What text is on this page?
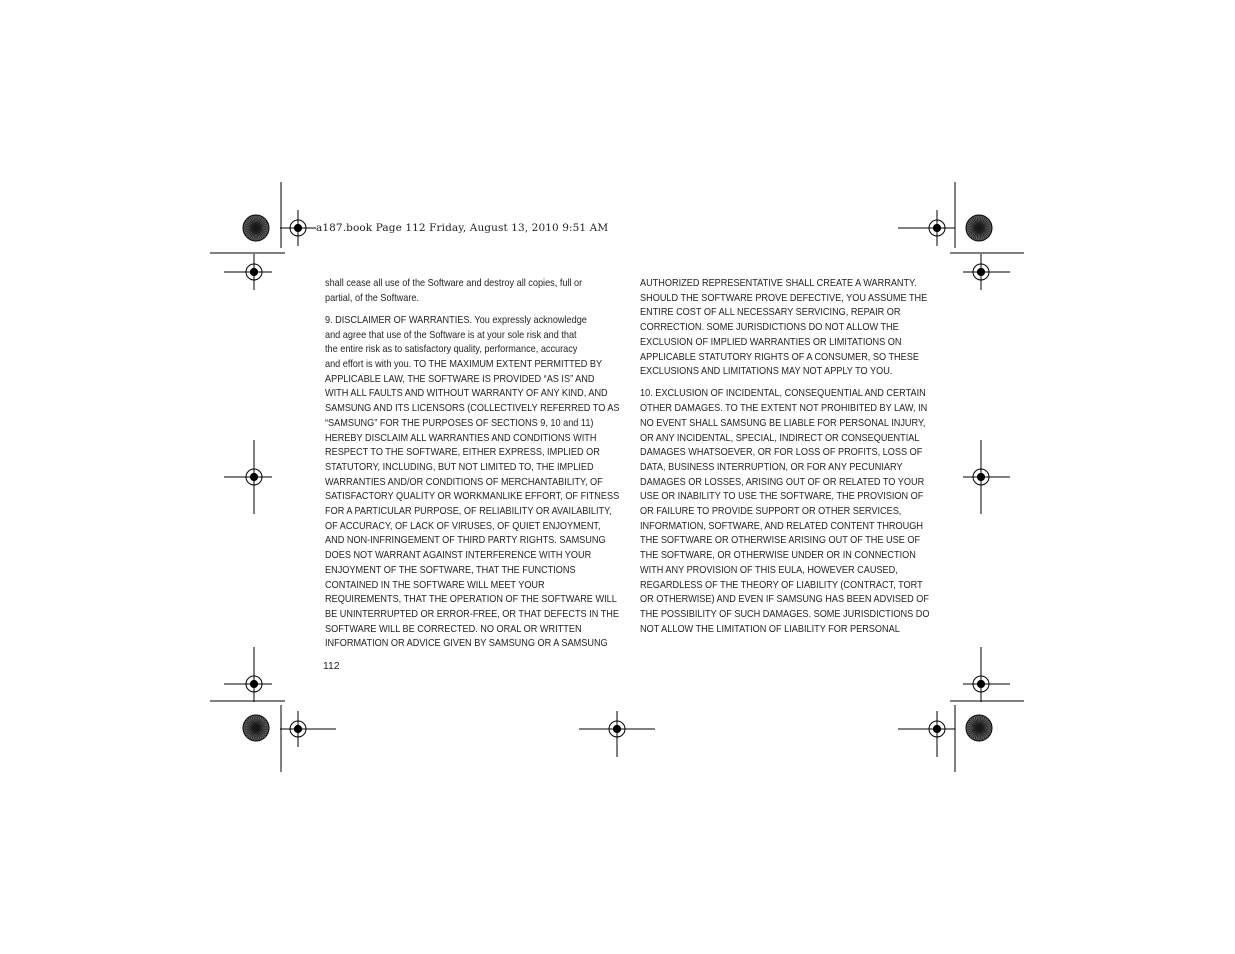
a187.book Page 112 Friday, August 13, 2010 9:51 AM

shall cease all use of the Software and destroy all copies, full or
partial, of the Software.

9. DISCLAIMER OF WARRANTIES. You expressly acknowledge
and agree that use of the Software is at your sole risk and that
the entire risk as to satisfactory quality, performance, accuracy
and effort is with you. TO THE MAXIMUM EXTENT PERMITTED BY
APPLICABLE LAW, THE SOFTWARE IS PROVIDED “AS IS” AND
WITH ALL FAULTS AND WITHOUT WARRANTY OF ANY KIND, AND
SAMSUNG AND ITS LICENSORS (COLLECTIVELY REFERRED TO AS
“SAMSUNG” FOR THE PURPOSES OF SECTIONS 9, 10 and 11)
HEREBY DISCLAIM ALL WARRANTIES AND CONDITIONS WITH
RESPECT TO THE SOFTWARE, EITHER EXPRESS, IMPLIED OR
STATUTORY, INCLUDING, BUT NOT LIMITED TO, THE IMPLIED
WARRANTIES AND/OR CONDITIONS OF MERCHANTABILITY, OF
SATISFACTORY QUALITY OR WORKMANLIKE EFFORT, OF FITNESS
FOR A PARTICULAR PURPOSE, OF RELIABILITY OR AVAILABILITY,
OF ACCURACY, OF LACK OF VIRUSES, OF QUIET ENJOYMENT,
AND NON-INFRINGEMENT OF THIRD PARTY RIGHTS. SAMSUNG
DOES NOT WARRANT AGAINST INTERFERENCE WITH YOUR
ENJOYMENT OF THE SOFTWARE, THAT THE FUNCTIONS
CONTAINED IN THE SOFTWARE WILL MEET YOUR
REQUIREMENTS, THAT THE OPERATION OF THE SOFTWARE WILL
BE UNINTERRUPTED OR ERROR-FREE, OR THAT DEFECTS IN THE
SOFTWARE WILL BE CORRECTED. NO ORAL OR WRITTEN
INFORMATION OR ADVICE GIVEN BY SAMSUNG OR A SAMSUNG

AUTHORIZED REPRESENTATIVE SHALL CREATE A WARRANTY.
SHOULD THE SOFTWARE PROVE DEFECTIVE, YOU ASSUME THE
ENTIRE COST OF ALL NECESSARY SERVICING, REPAIR OR
CORRECTION. SOME JURISDICTIONS DO NOT ALLOW THE
EXCLUSION OF IMPLIED WARRANTIES OR LIMITATIONS ON
APPLICABLE STATUTORY RIGHTS OF A CONSUMER, SO THESE
EXCLUSIONS AND LIMITATIONS MAY NOT APPLY TO YOU.

10. EXCLUSION OF INCIDENTAL, CONSEQUENTIAL AND CERTAIN
OTHER DAMAGES. TO THE EXTENT NOT PROHIBITED BY LAW, IN
NO EVENT SHALL SAMSUNG BE LIABLE FOR PERSONAL INJURY,
OR ANY INCIDENTAL, SPECIAL, INDIRECT OR CONSEQUENTIAL
DAMAGES WHATSOEVER, OR FOR LOSS OF PROFITS, LOSS OF
DATA, BUSINESS INTERRUPTION, OR FOR ANY PECUNIARY
DAMAGES OR LOSSES, ARISING OUT OF OR RELATED TO YOUR
USE OR INABILITY TO USE THE SOFTWARE, THE PROVISION OF
OR FAILURE TO PROVIDE SUPPORT OR OTHER SERVICES,
INFORMATION, SOFTWARE, AND RELATED CONTENT THROUGH
THE SOFTWARE OR OTHERWISE ARISING OUT OF THE USE OF
THE SOFTWARE, OR OTHERWISE UNDER OR IN CONNECTION
WITH ANY PROVISION OF THIS EULA, HOWEVER CAUSED,
REGARDLESS OF THE THEORY OF LIABILITY (CONTRACT, TORT
OR OTHERWISE) AND EVEN IF SAMSUNG HAS BEEN ADVISED OF
THE POSSIBILITY OF SUCH DAMAGES. SOME JURISDICTIONS DO
NOT ALLOW THE LIMITATION OF LIABILITY FOR PERSONAL

112
